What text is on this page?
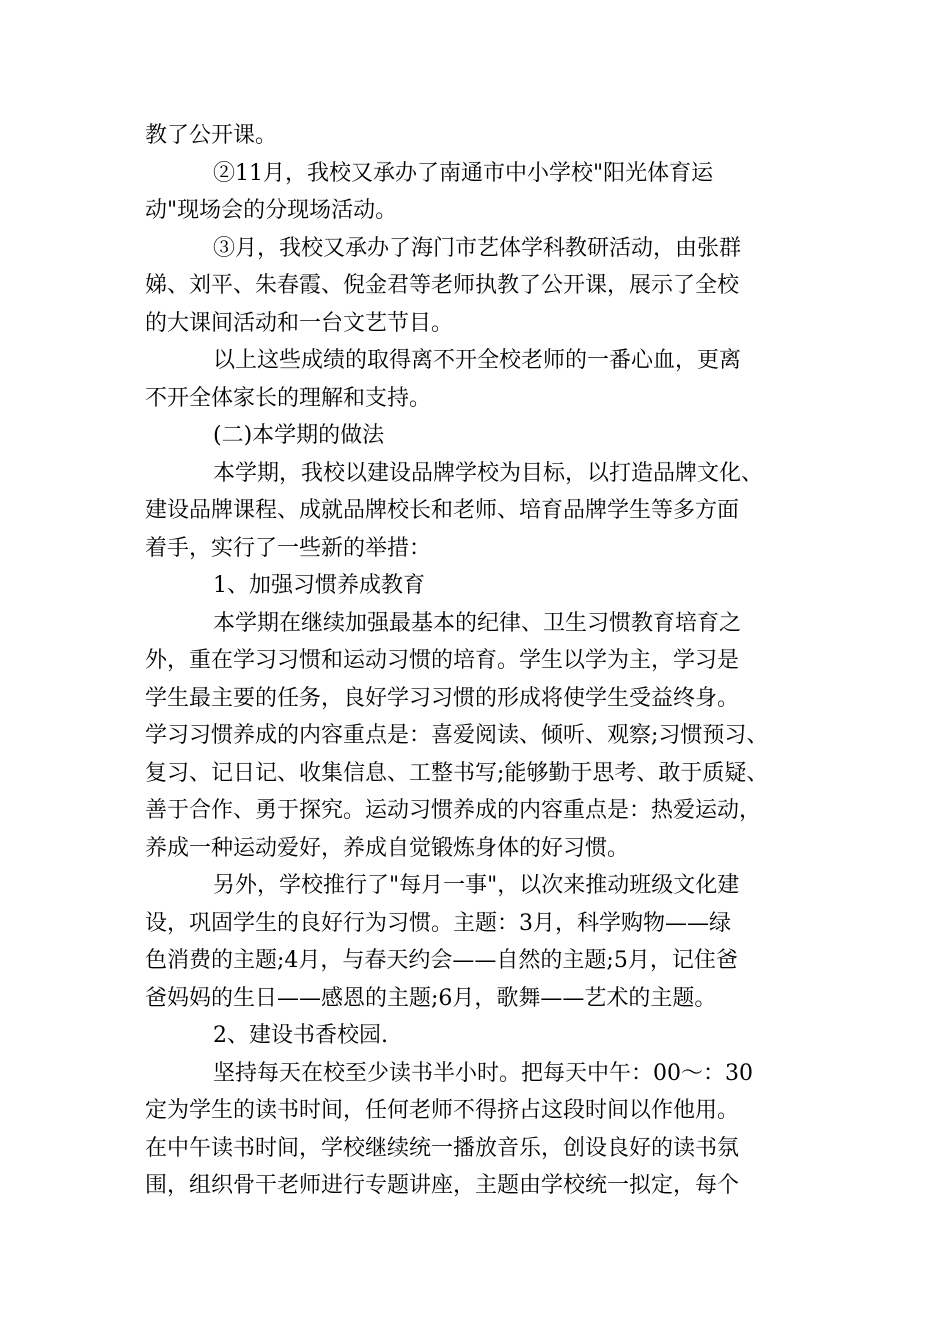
教了公开课。
②11月，我校又承办了南通市中小学校"阳光体育运
动"现场会的分现场活动。
③月，我校又承办了海门市艺体学科教研活动，由张群
娣、刘平、朱春霞、倪金君等老师执教了公开课，展示了全校
的大课间活动和一台文艺节目。
以上这些成绩的取得离不开全校老师的一番心血，更离
不开全体家长的理解和支持。
(二)本学期的做法
本学期，我校以建设品牌学校为目标，以打造品牌文化、
建设品牌课程、成就品牌校长和老师、培育品牌学生等多方面
着手，实行了一些新的举措：
1、加强习惯养成教育
本学期在继续加强最基本的纪律、卫生习惯教育培育之
外，重在学习习惯和运动习惯的培育。学生以学为主，学习是
学生最主要的任务，良好学习习惯的形成将使学生受益终身。
学习习惯养成的内容重点是：喜爱阅读、倾听、观察;习惯预习、
复习、记日记、收集信息、工整书写;能够勤于思考、敢于质疑、
善于合作、勇于探究。运动习惯养成的内容重点是：热爱运动，
养成一种运动爱好，养成自觉锻炼身体的好习惯。
另外，学校推行了"每月一事"，以次来推动班级文化建
设，巩固学生的良好行为习惯。主题：3月，科学购物——绿
色消费的主题;4月，与春天约会——自然的主题;5月，记住爸
爸妈妈的生日——感恩的主题;6月，歌舞——艺术的主题。
2、建设书香校园.
坚持每天在校至少读书半小时。把每天中午：00～：30
定为学生的读书时间，任何老师不得挤占这段时间以作他用。
在中午读书时间，学校继续统一播放音乐，创设良好的读书氛
围，组织骨干老师进行专题讲座，主题由学校统一拟定，每个
